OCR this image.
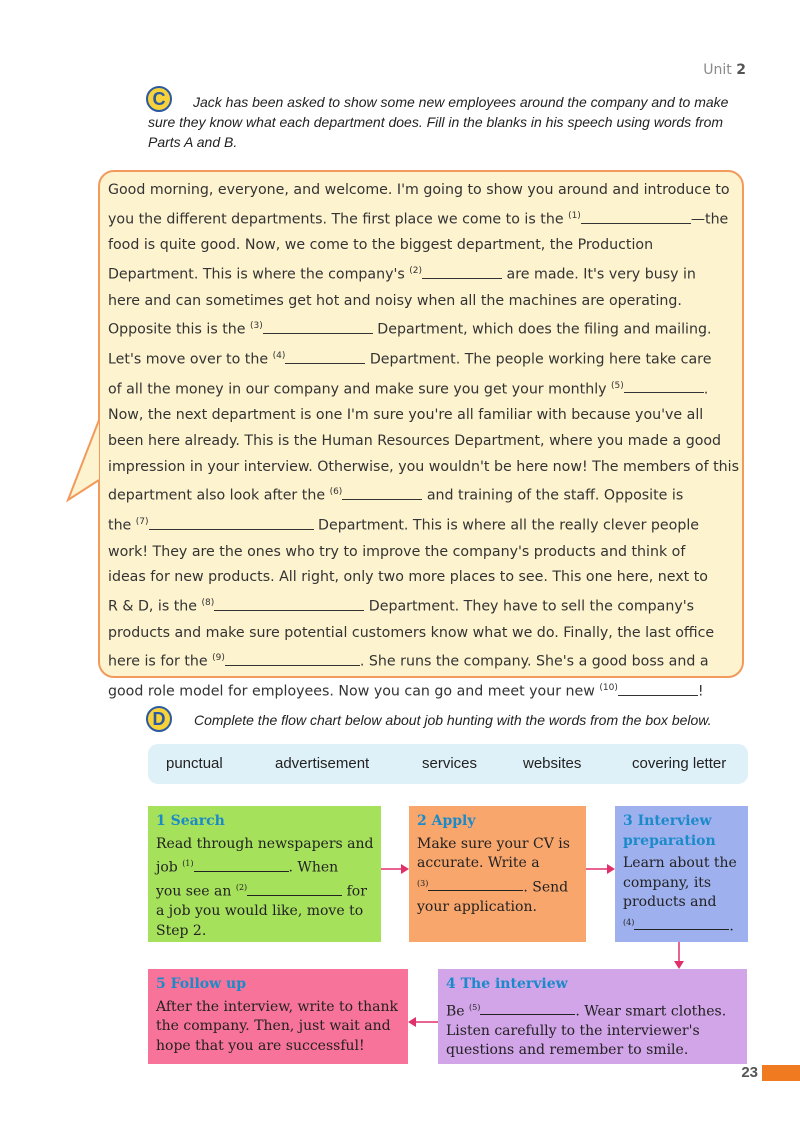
Unit 2
C	Jack has been asked to show some new employees around the company and to make
sure they know what each department does. Fill in the blanks in his speech using words from
Parts A and B.

Good morning, everyone, and welcome. I'm going to show you around and introduce to

you the different departments. The first place we come to is the $^{(1)}$	—the

food is quite good. Now, we come to the biggest department, the Production

Department. This is where the company's $^{(2)}$	are made. It's very busy in

here and can sometimes get hot and noisy when all the machines are operating.

Opposite this is the $^{(3)}$	Department, which does the filing and mailing.

Let's move over to the $^{(4)}$	Department. The people working here take care

of all the money in our company and make sure you get your monthly $^{(5)}$	.

Now, the next department is one I'm sure you're all familiar with because you've all

been here already. This is the Human Resources Department, where you made a good

impression in your interview. Otherwise, you wouldn't be here now! The members of this

department also look after the $^{(6)}$	and training of the staff. Opposite is

the $^{(7)}$	Department. This is where all the really clever people

work! They are the ones who try to improve the company's products and think of

ideas for new products. All right, only two more places to see. This one here, next to

R & D, is the $^{(8)}$	Department. They have to sell the company's

products and make sure potential customers know what we do. Finally, the last office

here is for the $^{(9)}$	. She runs the company. She's a good boss and a

good role model for employees. Now you can go and meet your new $^{(10)}$	!

D	Complete the flow chart below about job hunting with the words from the box below.
punctual	advertisement	services	websites	covering letter
1 Search

Read through newspapers and

job $^{(1)}$	. When

you see an $^{(2)}$	for

a job you would like, move to

Step 2.

2 Apply

Make sure your CV is

accurate. Write a

$^{(3)}$	. Send

your application.

3 Interview preparation

Learn about the

company, its

products and

$^{(4)}$	.

4 The interview

Be $^{(5)}$	. Wear smart clothes.

Listen carefully to the interviewer's

questions and remember to smile.

5 Follow up

After the interview, write to thank

the company. Then, just wait and

hope that you are successful!

23
